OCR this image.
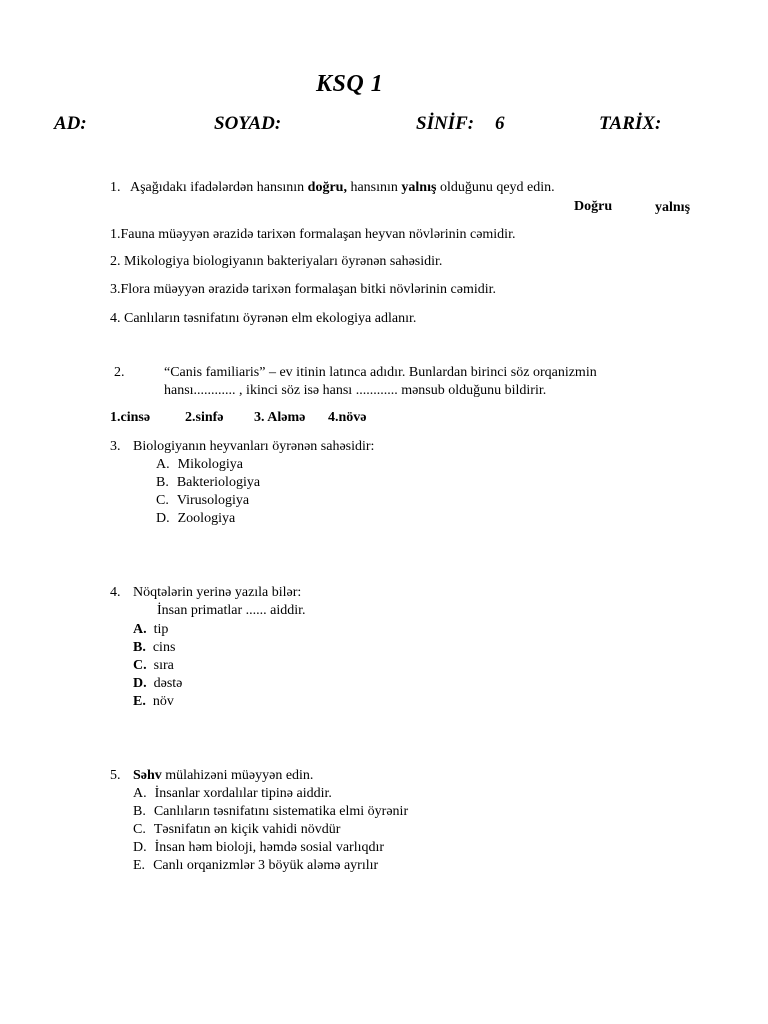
KSQ 1
AD:	SOYAD:	SİNİF: 6	TARİX:
1. Aşağıdakı ifadələrdən hansının doğru, hansının yalnış olduğunu qeyd edin.
Doğru	yalnış
1.Fauna müəyyən ərazidə tarixən formalaşan heyvan növlərinin cəmidir.
2. Mikologiya biologiyanın bakteriyaları öyrənən sahəsidir.
3.Flora müəyyən ərazidə tarixən formalaşan bitki növlərinin cəmidir.
4. Canlıların təsnifatını öyrənən elm ekologiya adlanır.
2.	“Canis familiaris” – ev itinin latınca adıdır. Bunlardan birinci söz orqanizmin
hansı............ , ikinci söz isə hansı ............ mənsub olduğunu bildirir.
1.cinsə 2.sinfə 3. Aləmə 4.növə
3. Biologiyanın heyvanları öyrənən sahəsidir:
A. Mikologiya
B. Bakteriologiya
C. Virusologiya
D. Zoologiya
4. Nöqtələrin yerinə yazıla bilər:
İnsan primatlar ...... aiddir.
A. tip
B. cins
C. sıra
D. dəstə
E. növ
5. Səhv mülahizəni müəyyən edin.
A. İnsanlar xordalılar tipinə aiddir.
B. Canlıların təsnifatını sistematika elmi öyrənir
C. Təsnifatın ən kiçik vahidi növdür
D. İnsan həm bioloji, həmdə sosial varlıqdır
E. Canlı orqanizmlər 3 böyük aləmə ayrılır
